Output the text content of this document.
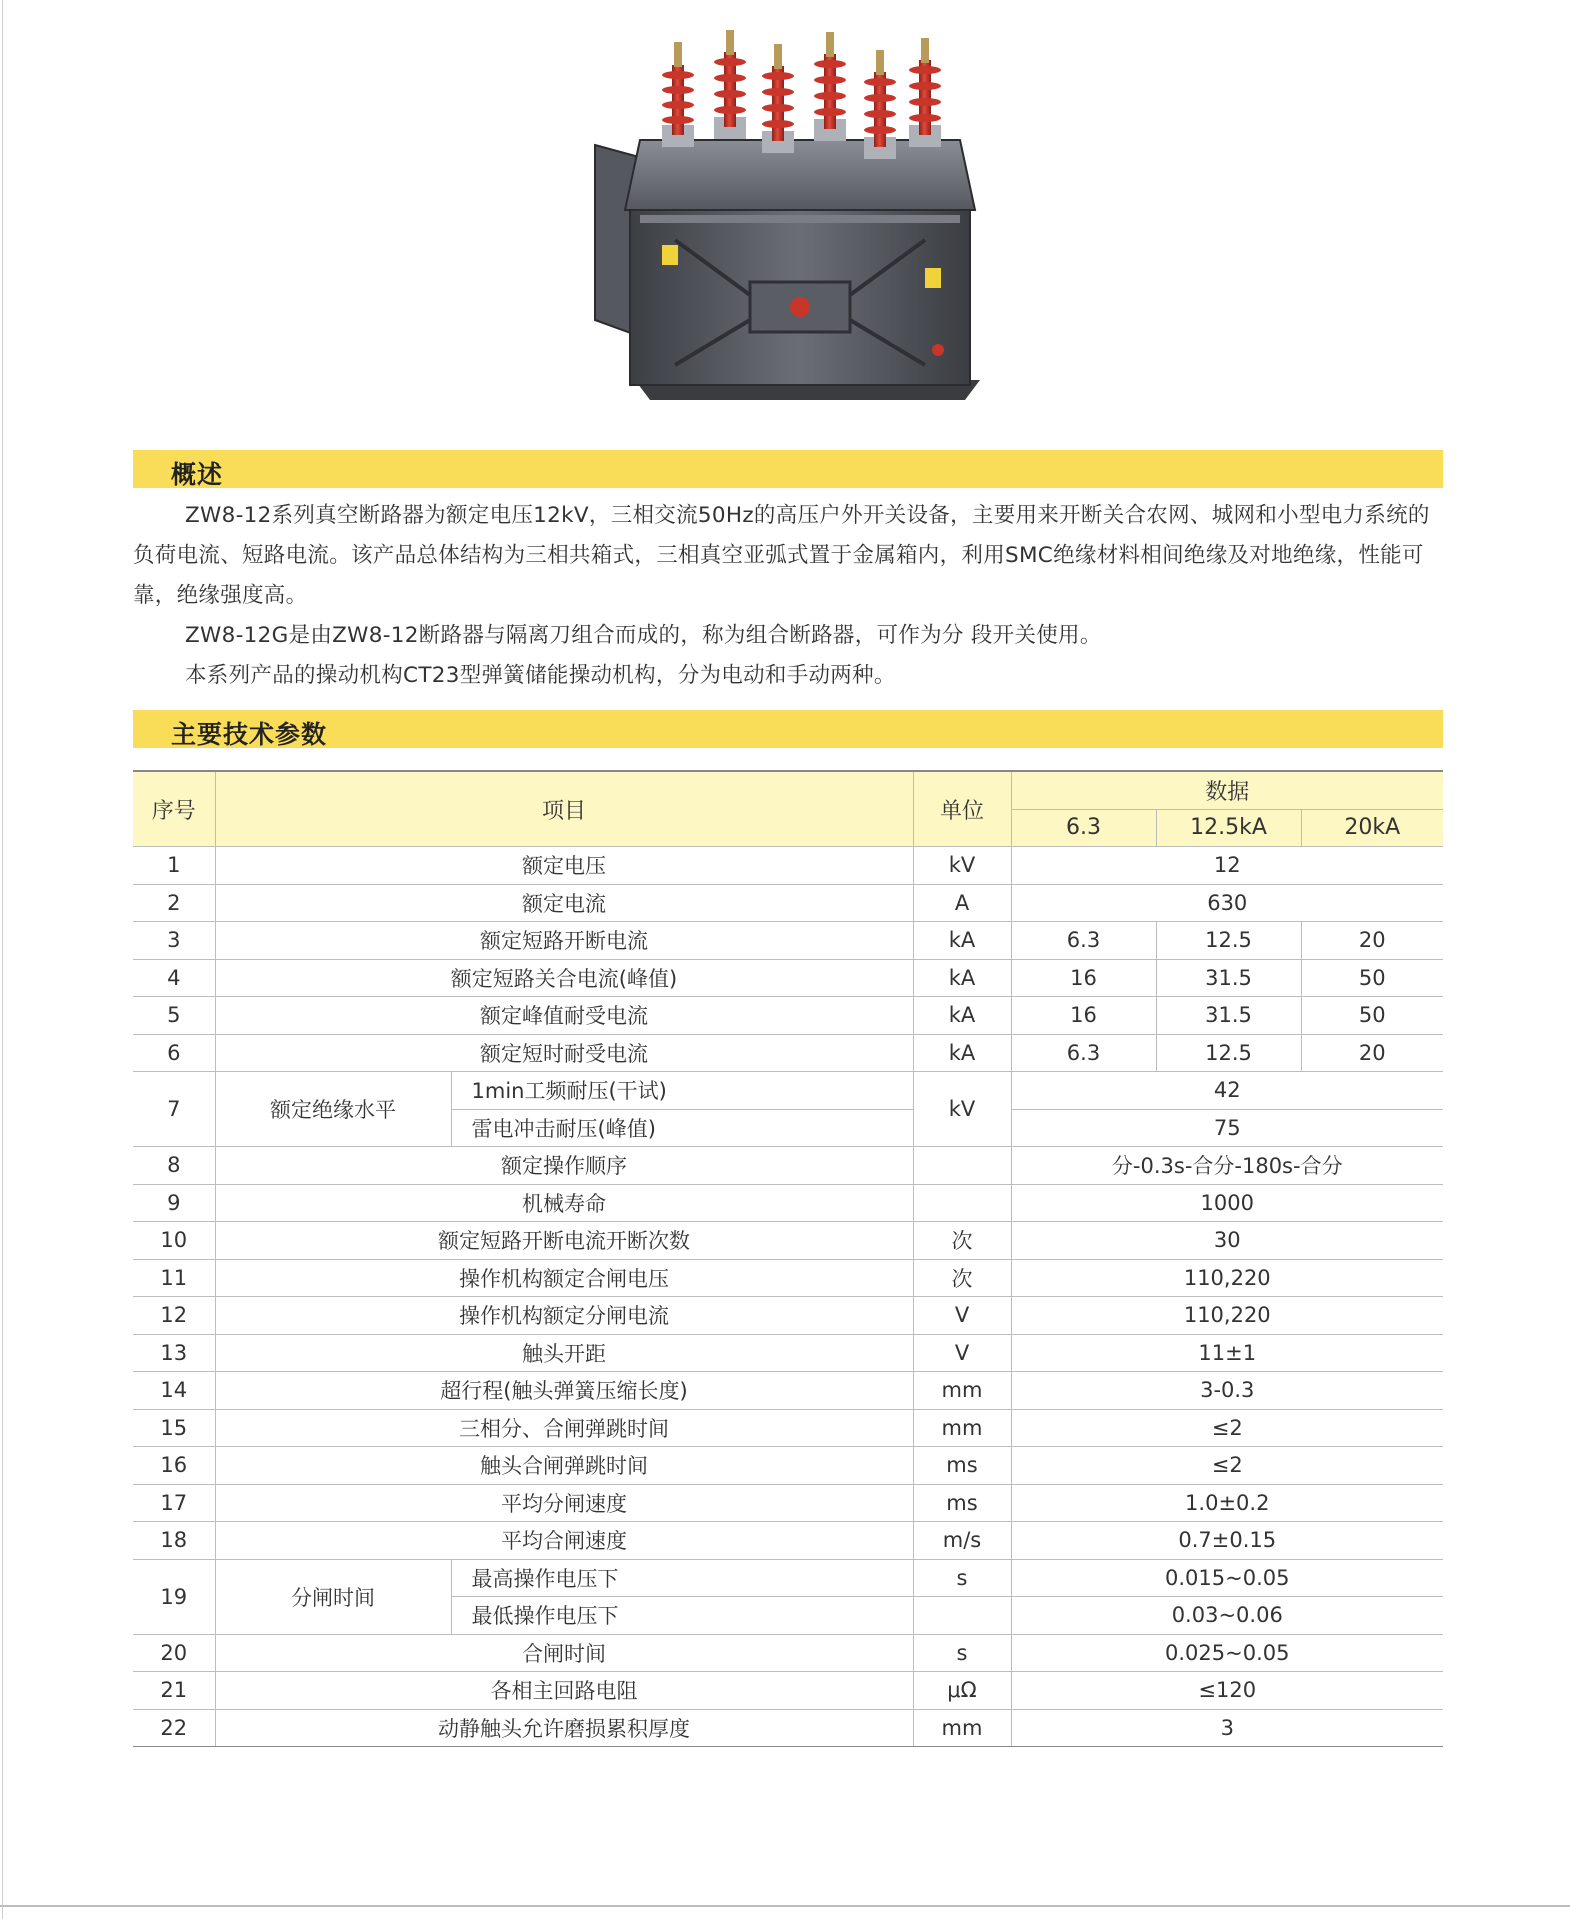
概述
ZW8-12系列真空断路器为额定电压12kV，三相交流50Hz的高压户外开关设备，主要用来开断关合农网、城网和小型电力系统的负荷电流、短路电流。该产品总体结构为三相共箱式，三相真空亚弧式置于金属箱内，利用SMC绝缘材料相间绝缘及对地绝缘，性能可靠，绝缘强度高。
ZW8-12G是由ZW8-12断路器与隔离刀组合而成的，称为组合断路器，可作为分 段开关使用。
本系列产品的操动机构CT23型弹簧储能操动机构，分为电动和手动两种。
主要技术参数
序号	项目		单位	数据		
				6.3	12.5kA	20kA
1	额定电压		kV	12		
2	额定电流		A	630		
3	额定短路开断电流		kA	6.3	12.5	20
4	额定短路关合电流(峰值)		kA	16	31.5	50
5	额定峰值耐受电流		kA	16	31.5	50
6	额定短时耐受电流		kA	6.3	12.5	20
7	额定绝缘水平	1min工频耐压(干试)	kV	42		
		雷电冲击耐压(峰值)		75		
8	额定操作顺序			分-0.3s-合分-180s-合分		
9	机械寿命			1000		
10	额定短路开断电流开断次数		次	30		
11	操作机构额定合闸电压		次	110,220		
12	操作机构额定分闸电流		V	110,220		
13	触头开距		V	11±1		
14	超行程(触头弹簧压缩长度)		mm	3-0.3		
15	三相分、合闸弹跳时间		mm	≤2		
16	触头合闸弹跳时间		ms	≤2		
17	平均分闸速度		ms	1.0±0.2		
18	平均合闸速度		m/s	0.7±0.15		
19	分闸时间	最高操作电压下	s	0.015~0.05		
		最低操作电压下		0.03~0.06		
20	合闸时间		s	0.025~0.05		
21	各相主回路电阻		μΩ	≤120		
22	动静触头允许磨损累积厚度		mm	3		
